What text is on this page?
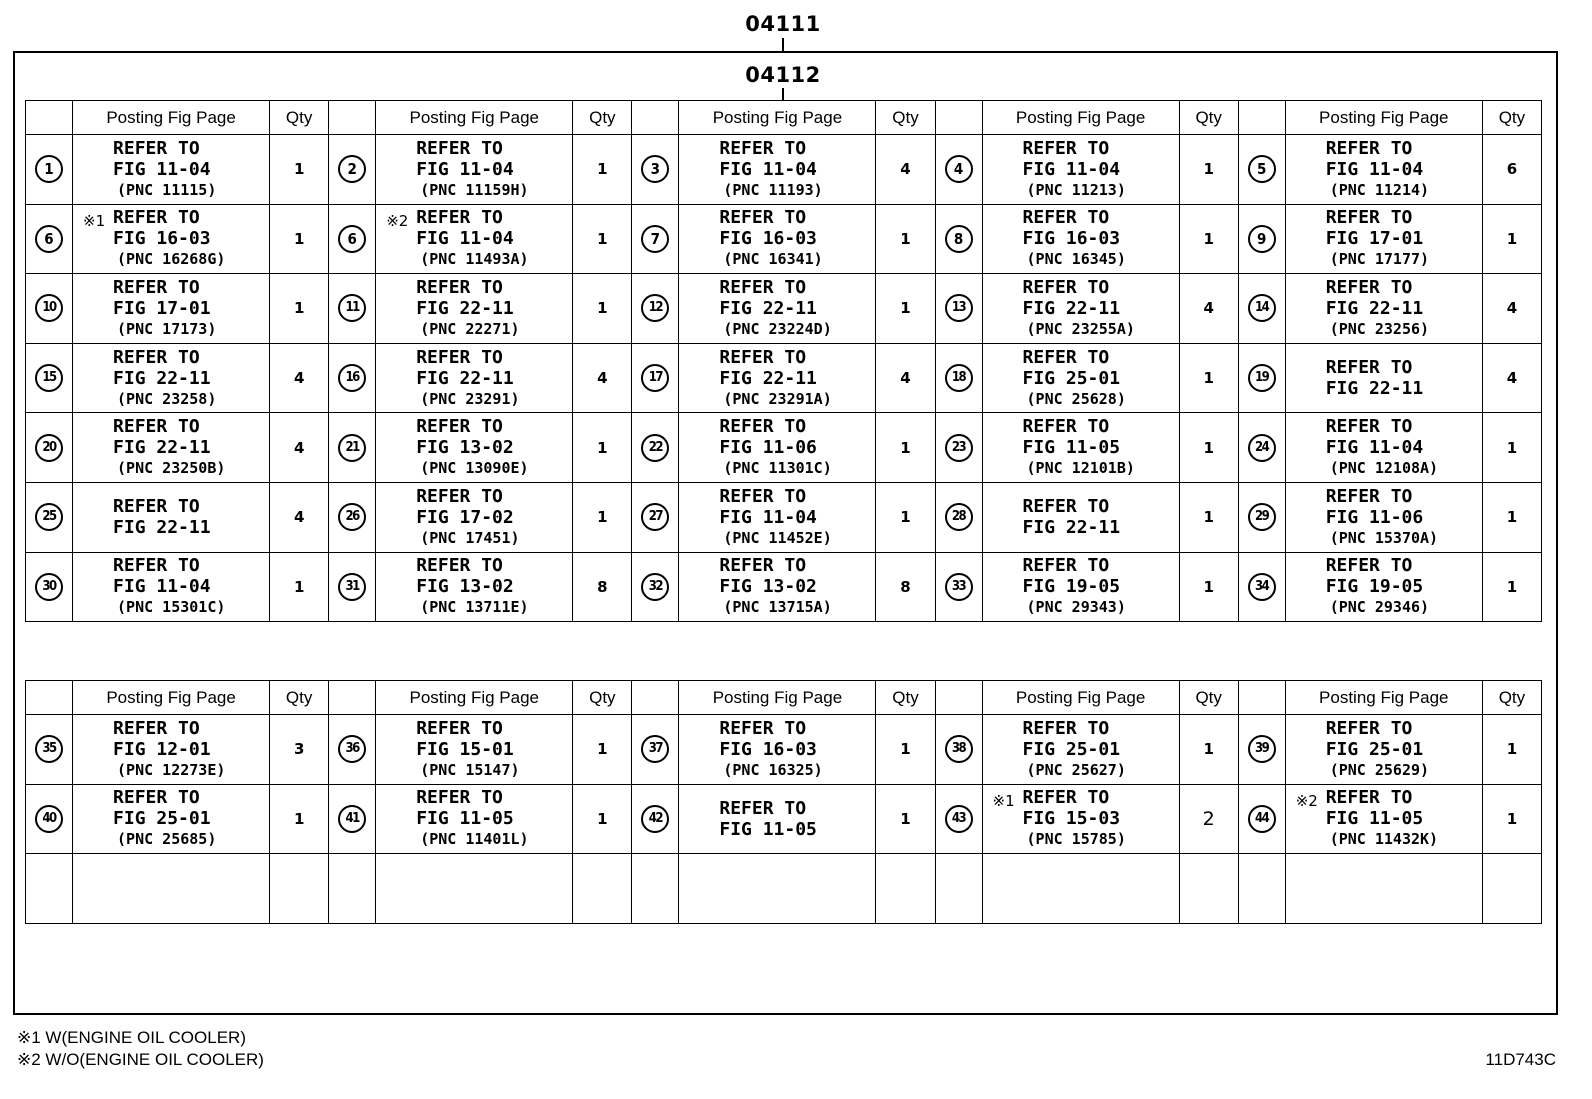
04111
04112
	Posting Fig Page	Qty		Posting Fig Page	Qty		Posting Fig Page	Qty		Posting Fig Page	Qty		Posting Fig Page	Qty
1	REFER TO
FIG 11-04
(PNC 11115)	1	2	REFER TO
FIG 11-04
(PNC 11159H)	1	3	REFER TO
FIG 11-04
(PNC 11193)	4	4	REFER TO
FIG 11-04
(PNC 11213)	1	5	REFER TO
FIG 11-04
(PNC 11214)	6
6	※1 REFER TO
FIG 16-03
(PNC 16268G)	1	6	※2 REFER TO
FIG 11-04
(PNC 11493A)	1	7	REFER TO
FIG 16-03
(PNC 16341)	1	8	REFER TO
FIG 16-03
(PNC 16345)	1	9	REFER TO
FIG 17-01
(PNC 17177)	1
10	REFER TO
FIG 17-01
(PNC 17173)	1	11	REFER TO
FIG 22-11
(PNC 22271)	1	12	REFER TO
FIG 22-11
(PNC 23224D)	1	13	REFER TO
FIG 22-11
(PNC 23255A)	4	14	REFER TO
FIG 22-11
(PNC 23256)	4
15	REFER TO
FIG 22-11
(PNC 23258)	4	16	REFER TO
FIG 22-11
(PNC 23291)	4	17	REFER TO
FIG 22-11
(PNC 23291A)	4	18	REFER TO
FIG 25-01
(PNC 25628)	1	19	REFER TO
FIG 22-11	4
20	REFER TO
FIG 22-11
(PNC 23250B)	4	21	REFER TO
FIG 13-02
(PNC 13090E)	1	22	REFER TO
FIG 11-06
(PNC 11301C)	1	23	REFER TO
FIG 11-05
(PNC 12101B)	1	24	REFER TO
FIG 11-04
(PNC 12108A)	1
25	REFER TO
FIG 22-11	4	26	REFER TO
FIG 17-02
(PNC 17451)	1	27	REFER TO
FIG 11-04
(PNC 11452E)	1	28	REFER TO
FIG 22-11	1	29	REFER TO
FIG 11-06
(PNC 15370A)	1
30	REFER TO
FIG 11-04
(PNC 15301C)	1	31	REFER TO
FIG 13-02
(PNC 13711E)	8	32	REFER TO
FIG 13-02
(PNC 13715A)	8	33	REFER TO
FIG 19-05
(PNC 29343)	1	34	REFER TO
FIG 19-05
(PNC 29346)	1
	Posting Fig Page	Qty		Posting Fig Page	Qty		Posting Fig Page	Qty		Posting Fig Page	Qty		Posting Fig Page	Qty
35	REFER TO
FIG 12-01
(PNC 12273E)	3	36	REFER TO
FIG 15-01
(PNC 15147)	1	37	REFER TO
FIG 16-03
(PNC 16325)	1	38	REFER TO
FIG 25-01
(PNC 25627)	1	39	REFER TO
FIG 25-01
(PNC 25629)	1
40	REFER TO
FIG 25-01
(PNC 25685)	1	41	REFER TO
FIG 11-05
(PNC 11401L)	1	42	REFER TO
FIG 11-05	1	43	※1 REFER TO
FIG 15-03
(PNC 15785)	2	44	※2 REFER TO
FIG 11-05
(PNC 11432K)	1

※1 W(ENGINE OIL COOLER)
※2 W/O(ENGINE OIL COOLER)	11D743C
